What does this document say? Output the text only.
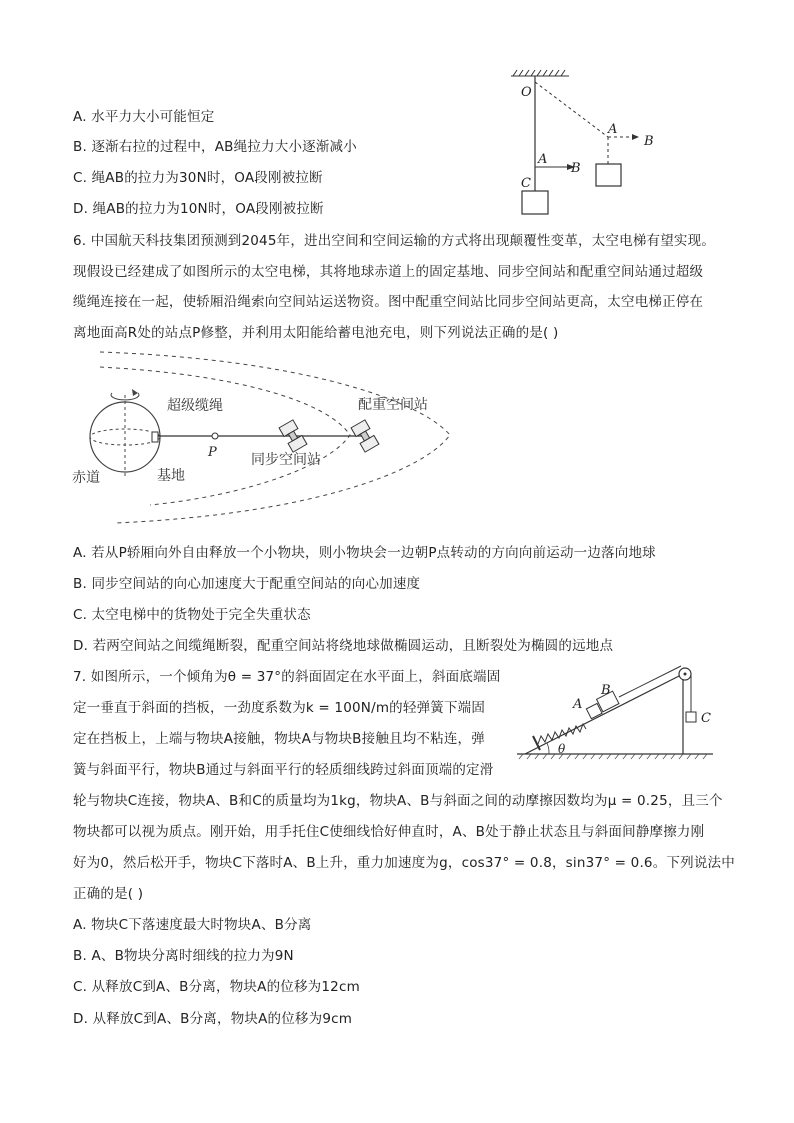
A. 水平力大小可能恒定
B. 逐渐右拉的过程中，AB绳拉力大小逐渐减小
C. 绳AB的拉力为30N时，OA段刚被拉断
D. 绳AB的拉力为10N时，OA段刚被拉断
O
A
B
C
A
B
6. 中国航天科技集团预测到2045年，进出空间和空间运输的方式将出现颠覆性变革，太空电梯有望实现。
现假设已经建成了如图所示的太空电梯，其将地球赤道上的固定基地、同步空间站和配重空间站通过超级
缆绳连接在一起，使轿厢沿绳索向空间站运送物资。图中配重空间站比同步空间站更高，太空电梯正停在
离地面高R处的站点P修整，并利用太阳能给蓄电池充电，则下列说法正确的是( )
超级缆绳	配重空间站
P 同步空间站
赤道	基地
A. 若从P轿厢向外自由释放一个小物块，则小物块会一边朝P点转动的方向向前运动一边落向地球
B. 同步空间站的向心加速度大于配重空间站的向心加速度
C. 太空电梯中的货物处于完全失重状态
D. 若两空间站之间缆绳断裂，配重空间站将绕地球做椭圆运动，且断裂处为椭圆的远地点
7. 如图所示，一个倾角为θ = 37°的斜面固定在水平面上，斜面底端固
定一垂直于斜面的挡板，一劲度系数为k = 100N/m的轻弹簧下端固
定在挡板上，上端与物块A接触，物块A与物块B接触且均不粘连，弹
簧与斜面平行，物块B通过与斜面平行的轻质细线跨过斜面顶端的定滑
轮与物块C连接，物块A、B和C的质量均为1kg，物块A、B与斜面之间的动摩擦因数均为μ = 0.25，且三个
物块都可以视为质点。刚开始，用手托住C使细线恰好伸直时，A、B处于静止状态且与斜面间静摩擦力刚
好为0，然后松开手，物块C下落时A、B上升，重力加速度为g，cos37° = 0.8，sin37° = 0.6。下列说法中
正确的是( )
A
B
C
θ
A. 物块C下落速度最大时物块A、B分离
B. A、B物块分离时细线的拉力为9N
C. 从释放C到A、B分离，物块A的位移为12cm
D. 从释放C到A、B分离，物块A的位移为9cm
